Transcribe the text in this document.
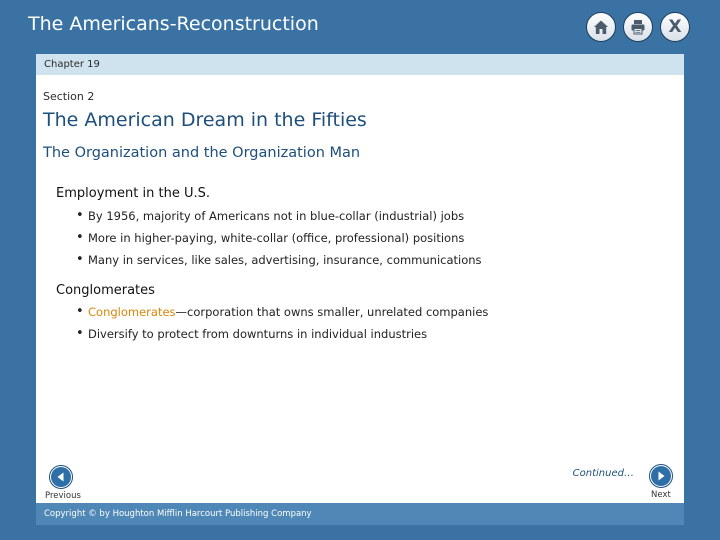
The Americans-Reconstruction	X
Chapter 19
Section 2
The American Dream in the Fifties
The Organization and the Organization Man
Employment in the U.S.
• By 1956, majority of Americans not in blue-collar (industrial) jobs
• More in higher-paying, white-collar (office, professional) positions
• Many in services, like sales, advertising, insurance, communications
Conglomerates
• Conglomerates—corporation that owns smaller, unrelated companies
• Diversify to protect from downturns in individual industries
Previous
Continued…
Next
Copyright © by Houghton Mifflin Harcourt Publishing Company
